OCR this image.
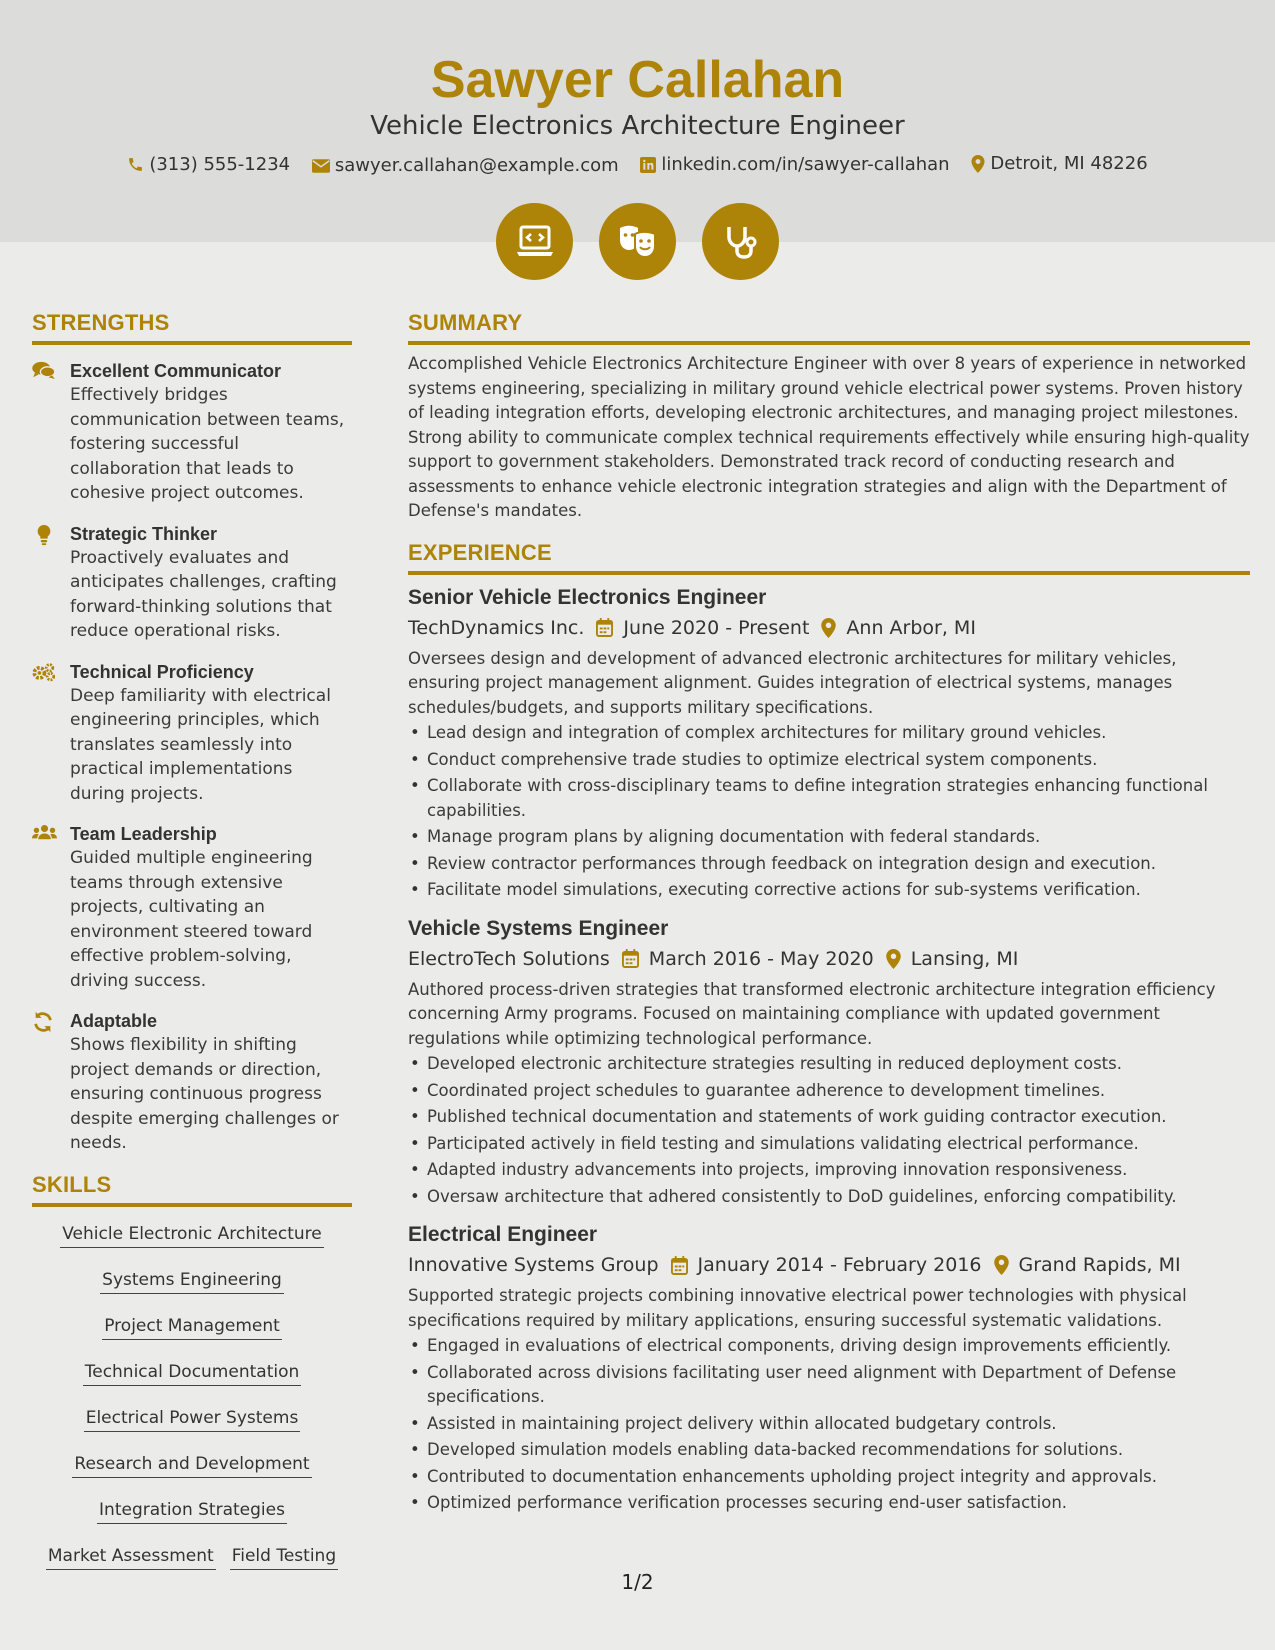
Sawyer Callahan
Vehicle Electronics Architecture Engineer
(313) 555-1234
sawyer.callahan@example.com
linkedin.com/in/sawyer-callahan
Detroit, MI 48226
STRENGTHS
Excellent Communicator
Effectively bridges communication between teams, fostering successful collaboration that leads to cohesive project outcomes.
Strategic Thinker
Proactively evaluates and anticipates challenges, crafting forward-thinking solutions that reduce operational risks.
Technical Proficiency
Deep familiarity with electrical engineering principles, which translates seamlessly into practical implementations during projects.
Team Leadership
Guided multiple engineering teams through extensive projects, cultivating an environment steered toward effective problem-solving, driving success.
Adaptable
Shows flexibility in shifting project demands or direction, ensuring continuous progress despite emerging challenges or needs.
SKILLS
Vehicle Electronic Architecture
Systems Engineering
Project Management
Technical Documentation
Electrical Power Systems
Research and Development
Integration Strategies
Market Assessment Field Testing
SUMMARY
Accomplished Vehicle Electronics Architecture Engineer with over 8 years of experience in networked systems engineering, specializing in military ground vehicle electrical power systems. Proven history of leading integration efforts, developing electronic architectures, and managing project milestones. Strong ability to communicate complex technical requirements effectively while ensuring high-quality support to government stakeholders. Demonstrated track record of conducting research and assessments to enhance vehicle electronic integration strategies and align with the Department of Defense's mandates.
EXPERIENCE
Senior Vehicle Electronics Engineer
TechDynamics Inc. June 2020 - Present Ann Arbor, MI
Oversees design and development of advanced electronic architectures for military vehicles, ensuring project management alignment. Guides integration of electrical systems, manages schedules/budgets, and supports military specifications.
• Lead design and integration of complex architectures for military ground vehicles.
• Conduct comprehensive trade studies to optimize electrical system components.
• Collaborate with cross-disciplinary teams to define integration strategies enhancing functional capabilities.
• Manage program plans by aligning documentation with federal standards.
• Review contractor performances through feedback on integration design and execution.
• Facilitate model simulations, executing corrective actions for sub-systems verification.
Vehicle Systems Engineer
ElectroTech Solutions March 2016 - May 2020 Lansing, MI
Authored process-driven strategies that transformed electronic architecture integration efficiency concerning Army programs. Focused on maintaining compliance with updated government regulations while optimizing technological performance.
• Developed electronic architecture strategies resulting in reduced deployment costs.
• Coordinated project schedules to guarantee adherence to development timelines.
• Published technical documentation and statements of work guiding contractor execution.
• Participated actively in field testing and simulations validating electrical performance.
• Adapted industry advancements into projects, improving innovation responsiveness.
• Oversaw architecture that adhered consistently to DoD guidelines, enforcing compatibility.
Electrical Engineer
Innovative Systems Group January 2014 - February 2016 Grand Rapids, MI
Supported strategic projects combining innovative electrical power technologies with physical specifications required by military applications, ensuring successful systematic validations.
• Engaged in evaluations of electrical components, driving design improvements efficiently.
• Collaborated across divisions facilitating user need alignment with Department of Defense specifications.
• Assisted in maintaining project delivery within allocated budgetary controls.
• Developed simulation models enabling data-backed recommendations for solutions.
• Contributed to documentation enhancements upholding project integrity and approvals.
• Optimized performance verification processes securing end-user satisfaction.
1/2
